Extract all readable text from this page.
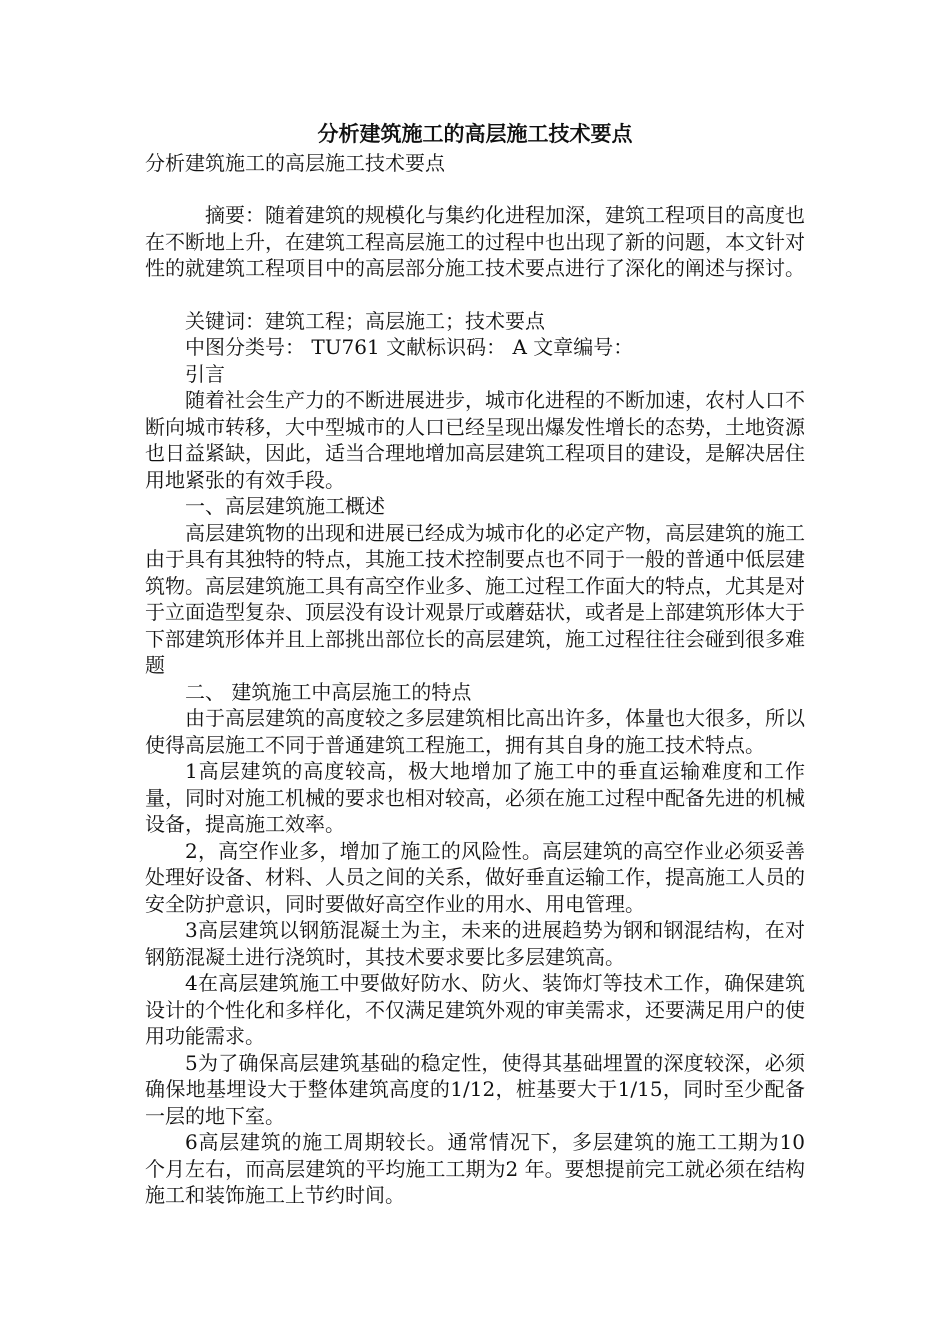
分析建筑施工的高层施工技术要点

分析建筑施工的高层施工技术要点

摘要：随着建筑的规模化与集约化进程加深，建筑工程项目的高度也在不断地上升，在建筑工程高层施工的过程中也出现了新的问题，本文针对性的就建筑工程项目中的高层部分施工技术要点进行了深化的阐述与探讨。

关键词：建筑工程；高层施工；技术要点

中图分类号： TU761 文献标识码： A 文章编号：

引言

随着社会生产力的不断进展进步，城市化进程的不断加速，农村人口不断向城市转移，大中型城市的人口已经呈现出爆发性增长的态势，土地资源也日益紧缺，因此，适当合理地增加高层建筑工程项目的建设，是解决居住用地紧张的有效手段。

一、高层建筑施工概述

高层建筑物的出现和进展已经成为城市化的必定产物，高层建筑的施工由于具有其独特的特点，其施工技术控制要点也不同于一般的普通中低层建筑物。高层建筑施工具有高空作业多、施工过程工作面大的特点，尤其是对于立面造型复杂、顶层没有设计观景厅或蘑菇状，或者是上部建筑形体大于下部建筑形体并且上部挑出部位长的高层建筑，施工过程往往会碰到很多难题

二、 建筑施工中高层施工的特点

由于高层建筑的高度较之多层建筑相比高出许多，体量也大很多，所以使得高层施工不同于普通建筑工程施工，拥有其自身的施工技术特点。

1高层建筑的高度较高，极大地增加了施工中的垂直运输难度和工作量，同时对施工机械的要求也相对较高，必须在施工过程中配备先进的机械设备，提高施工效率。

2，高空作业多，增加了施工的风险性。高层建筑的高空作业必须妥善处理好设备、材料、人员之间的关系，做好垂直运输工作，提高施工人员的安全防护意识，同时要做好高空作业的用水、用电管理。

3高层建筑以钢筋混凝土为主，未来的进展趋势为钢和钢混结构，在对钢筋混凝土进行浇筑时，其技术要求要比多层建筑高。

4在高层建筑施工中要做好防水、防火、装饰灯等技术工作，确保建筑设计的个性化和多样化，不仅满足建筑外观的审美需求，还要满足用户的使用功能需求。

5为了确保高层建筑基础的稳定性，使得其基础埋置的深度较深，必须确保地基埋设大于整体建筑高度的1/12，桩基要大于1/15，同时至少配备一层的地下室。

6高层建筑的施工周期较长。通常情况下，多层建筑的施工工期为10 个月左右，而高层建筑的平均施工工期为2 年。要想提前完工就必须在结构施工和装饰施工上节约时间。
